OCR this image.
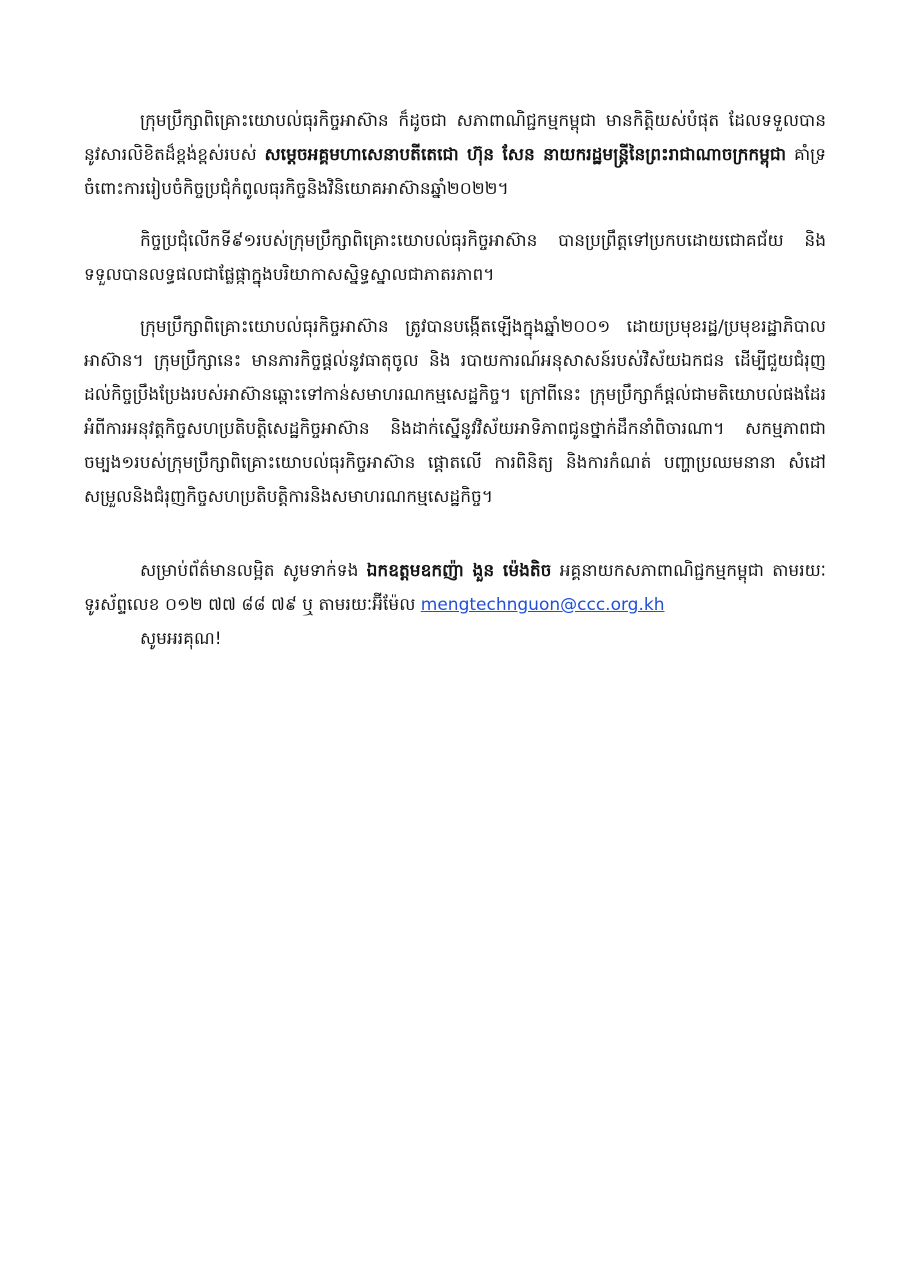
ក្រុមប្រឹក្សាពិគ្រោះយោបល់ធុរកិច្ចអាស៊ាន ក៏ដូចជា សភាពាណិជ្ជកម្មកម្ពុជា មានកិត្តិយស់បំផុត ដែលទទួលបាននូវសារលិខិតដ៏ខ្ពង់ខ្ពស់របស់ សម្តេចអគ្គមហាសេនាបតីតេជោ ហ៊ុន សែន នាយករដ្ឋមន្រ្តីនៃព្រះរាជាណាចក្រកម្ពុជា គាំទ្រចំពោះការរៀបចំកិច្ចប្រជុំកំពូលធុរកិច្ចនិងវិនិយោគអាស៊ានឆ្នាំ២០២២។

កិច្ចប្រជុំលើកទី៩១របស់ក្រុមប្រឹក្សាពិគ្រោះយោបល់ធុរកិច្ចអាស៊ាន បានប្រព្រឹត្តទៅប្រកបដោយជោគជ័យ និងទទួលបានលទ្ធផលជាផ្លែផ្កាក្នុងបរិយាកាសស្និទ្ធស្នាលជាភាតរភាព។

ក្រុមប្រឹក្សាពិគ្រោះយោបល់ធុរកិច្ចអាស៊ាន ត្រូវបានបង្កើតឡើងក្នុងឆ្នាំ២០០១ ដោយប្រមុខរដ្ឋ/ប្រមុខរដ្ឋាភិបាលអាស៊ាន។ ក្រុមប្រឹក្សានេះ មានភារកិច្ចផ្តល់នូវធាតុចូល និង របាយការណ៍អនុសាសន៍របស់វិស័យឯកជន ដើម្បីជួយជំរុញដល់កិច្ចប្រឹងប្រែងរបស់អាស៊ានឆ្ពោះទៅកាន់សមាហរណកម្មសេដ្ឋកិច្ច។ ក្រៅពីនេះ ក្រុមប្រឹក្សាក៏ផ្តល់ជាមតិយោបល់ផងដែរអំពីការអនុវត្តកិច្ចសហប្រតិបត្តិសេដ្ឋកិច្ចអាស៊ាន និងដាក់ស្នើនូវវិស័យអាទិភាពជូនថ្នាក់ដឹកនាំពិចារណា។ សកម្មភាពជាចម្បង១របស់ក្រុមប្រឹក្សាពិគ្រោះយោបល់ធុរកិច្ចអាស៊ាន ផ្តោតលើ ការពិនិត្យ និងការកំណត់ បញ្ហាប្រឈមនានា សំដៅសម្រួលនិងជំរុញកិច្ចសហប្រតិបត្តិការនិងសមាហរណកម្មសេដ្ឋកិច្ច។

សម្រាប់ព័ត៌មានលម្អិត សូមទាក់ទង ឯកឧត្តមឧកញ៉ា ងួន ម៉េងតិច អគ្គនាយកសភាពាណិជ្ជកម្មកម្ពុជា តាមរយៈទូរស័ព្ទលេខ ០១២ ៧៧ ៨៨ ៧៩ ឬ តាមរយៈអ៊ីម៉ែល mengtechnguon@ccc.org.kh

សូមអរគុណ!
